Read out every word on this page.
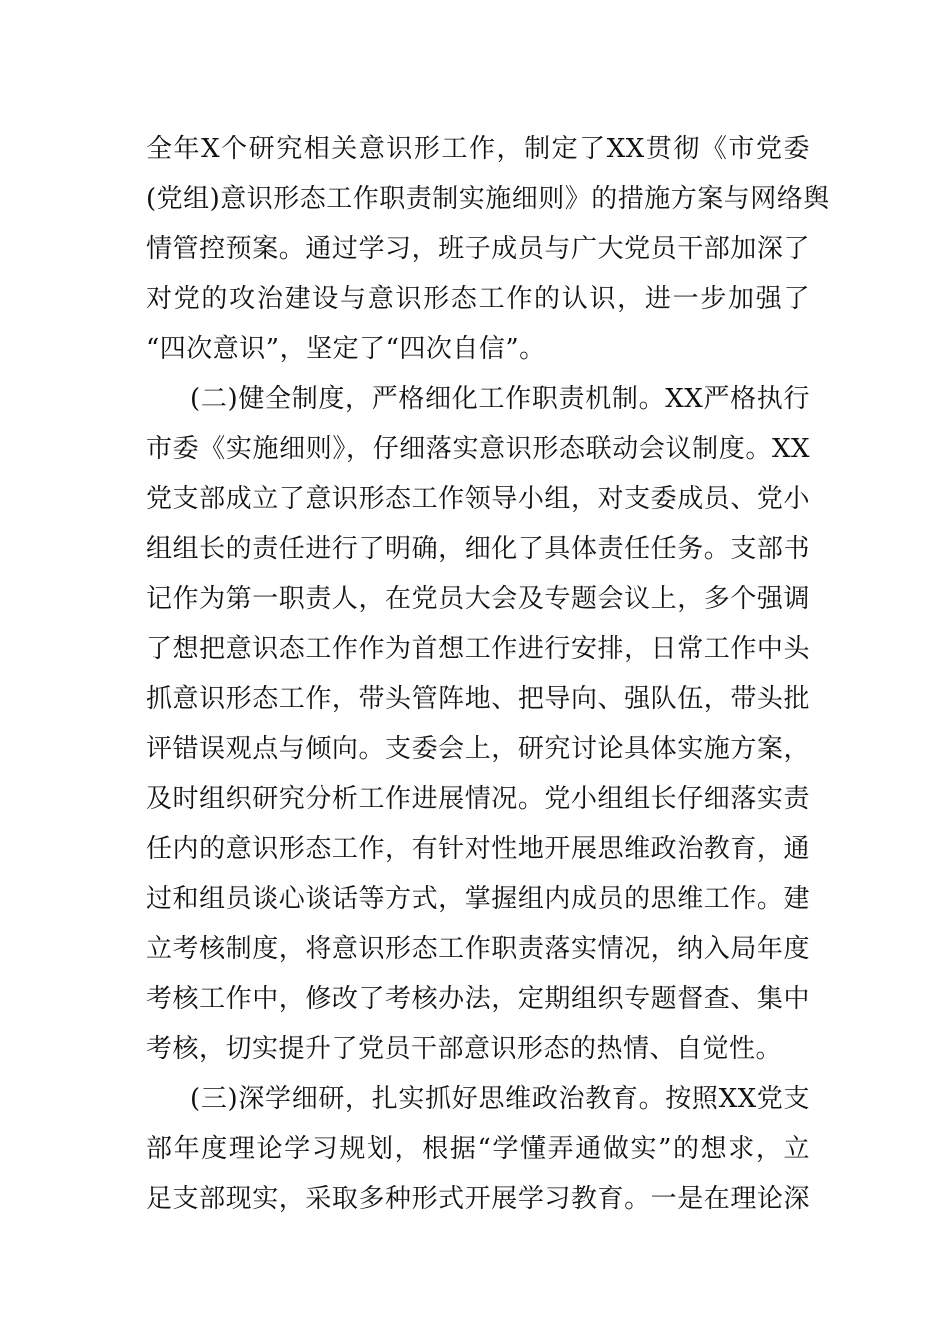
全年X个研究相关意识形工作，制定了XX贯彻《市党委
(党组)意识形态工作职责制实施细则》的措施方案与网络舆
情管控预案。通过学习，班子成员与广大党员干部加深了
对党的攻治建设与意识形态工作的认识，进一步加强了
“四次意识”，坚定了“四次自信”。
(二)健全制度，严格细化工作职责机制。XX严格执行
市委《实施细则》，仔细落实意识形态联动会议制度。XX
党支部成立了意识形态工作领导小组，对支委成员、党小
组组长的责任进行了明确，细化了具体责任任务。支部书
记作为第一职责人，在党员大会及专题会议上，多个强调
了想把意识态工作作为首想工作进行安排，日常工作中头
抓意识形态工作，带头管阵地、把导向、强队伍，带头批
评错误观点与倾向。支委会上，研究讨论具体实施方案，
及时组织研究分析工作进展情况。党小组组长仔细落实责
任内的意识形态工作，有针对性地开展思维政治教育，通
过和组员谈心谈话等方式，掌握组内成员的思维工作。建
立考核制度，将意识形态工作职责落实情况，纳入局年度
考核工作中，修改了考核办法，定期组织专题督查、集中
考核，切实提升了党员干部意识形态的热情、自觉性。
(三)深学细研，扎实抓好思维政治教育。按照XX党支
部年度理论学习规划，根据“学懂弄通做实”的想求，立
足支部现实，采取多种形式开展学习教育。一是在理论深
